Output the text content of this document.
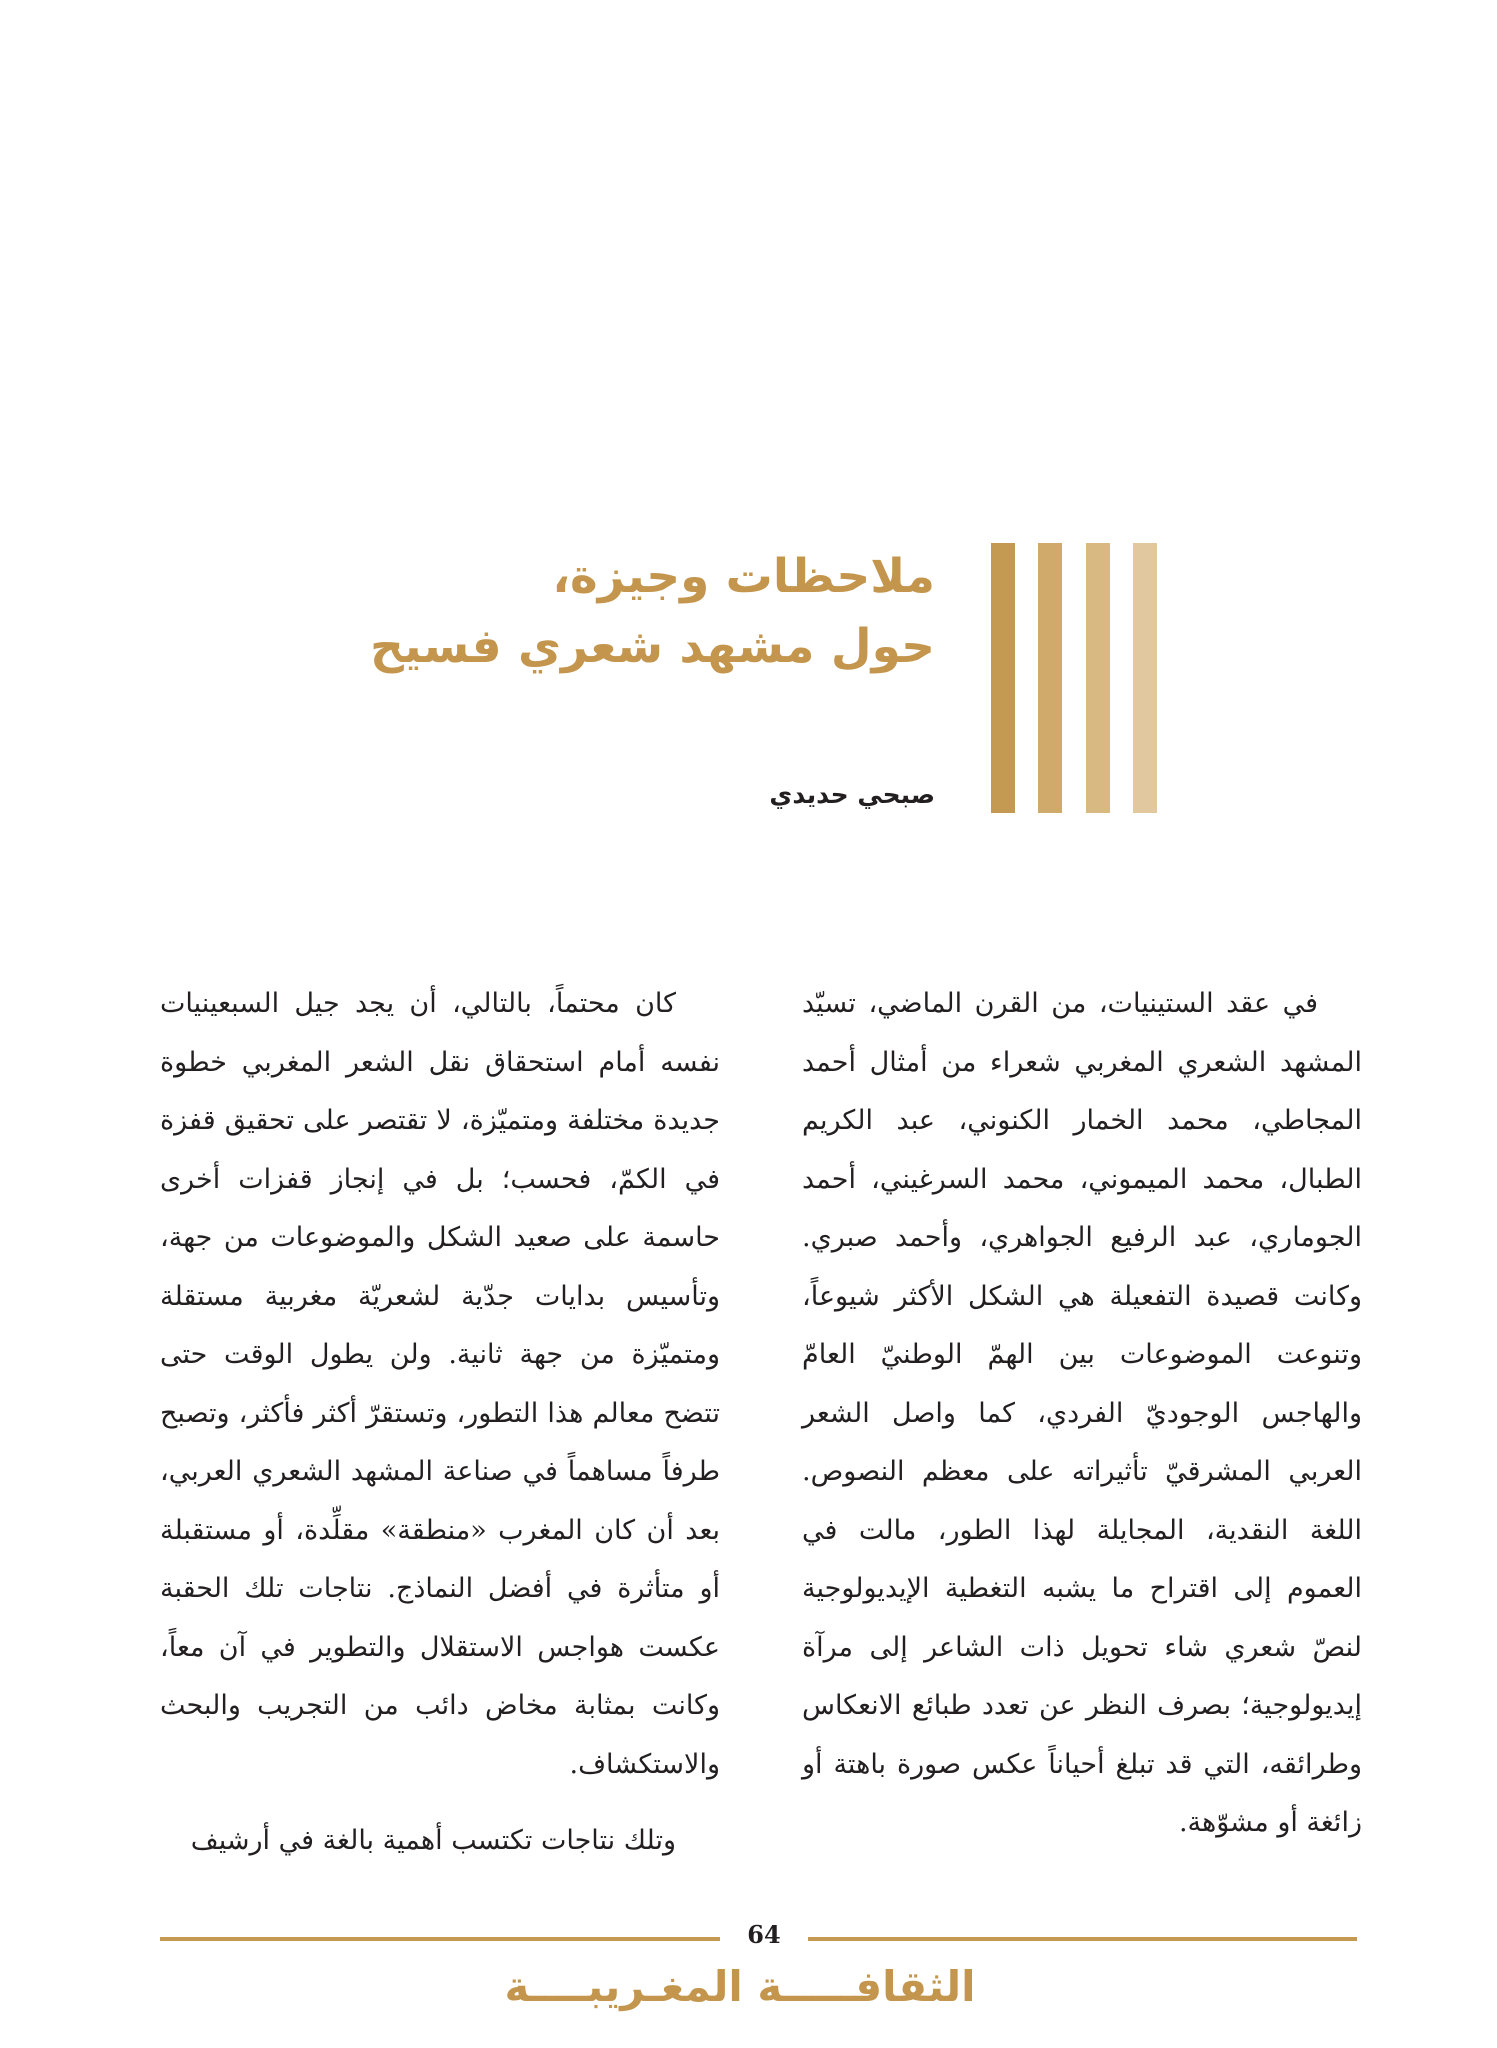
ملاحظات وجيزة،
حول مشهد شعري فسيح
صبحي حديدي

في عقد الستينيات، من القرن الماضي، تسيّد المشهد الشعري المغربي شعراء من أمثال أحمد المجاطي، محمد الخمار الكنوني، عبد الكريم الطبال، محمد الميموني، محمد السرغيني، أحمد الجوماري، عبد الرفيع الجواهري، وأحمد صبري. وكانت قصيدة التفعيلة هي الشكل الأكثر شيوعاً، وتنوعت الموضوعات بين الهمّ الوطنيّ العامّ والهاجس الوجوديّ الفردي، كما واصل الشعر العربي المشرقيّ تأثيراته على معظم النصوص. اللغة النقدية، المجايلة لهذا الطور، مالت في العموم إلى اقتراح ما يشبه التغطية الإيديولوجية لنصّ شعري شاء تحويل ذات الشاعر إلى مرآة إيديولوجية؛ بصرف النظر عن تعدد طبائع الانعكاس وطرائقه، التي قد تبلغ أحياناً عكس صورة باهتة أو زائغة أو مشوّهة.

كان محتماً، بالتالي، أن يجد جيل السبعينيات نفسه أمام استحقاق نقل الشعر المغربي خطوة جديدة مختلفة ومتميّزة، لا تقتصر على تحقيق قفزة في الكمّ، فحسب؛ بل في إنجاز قفزات أخرى حاسمة على صعيد الشكل والموضوعات من جهة، وتأسيس بدايات جدّية لشعريّة مغربية مستقلة ومتميّزة من جهة ثانية. ولن يطول الوقت حتى تتضح معالم هذا التطور، وتستقرّ أكثر فأكثر، وتصبح طرفاً مساهماً في صناعة المشهد الشعري العربي، بعد أن كان المغرب «منطقة» مقلِّدة، أو مستقبلة أو متأثرة في أفضل النماذج. نتاجات تلك الحقبة عكست هواجس الاستقلال والتطوير في آن معاً، وكانت بمثابة مخاض دائب من التجريب والبحث والاستكشاف.

وتلك نتاجات تكتسب أهمية بالغة في أرشيف

64
الثقافـــــة المغـريبــــة
